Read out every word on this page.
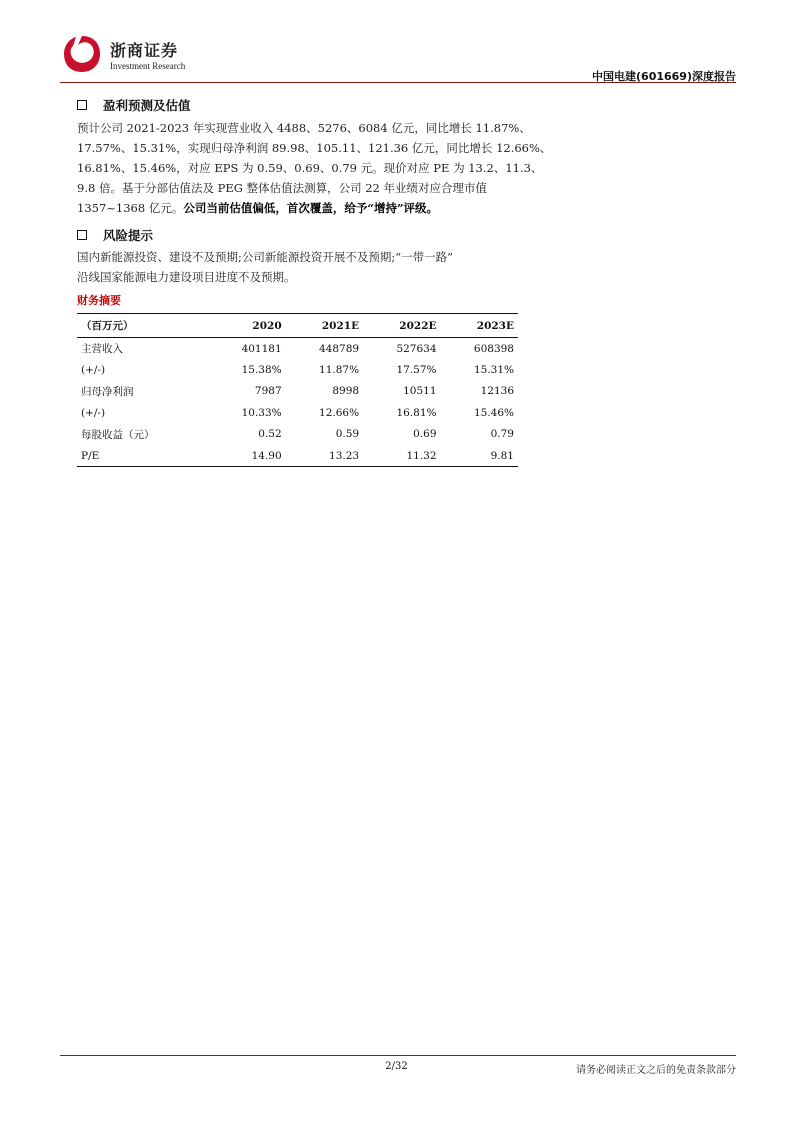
浙商证券
Investment Research
中国电建(601669)深度报告
盈利预测及估值
预计公司 2021-2023 年实现营业收入 4488、5276、6084 亿元，同比增长 11.87%、
17.57%、15.31%，实现归母净利润 89.98、105.11、121.36 亿元，同比增长 12.66%、
16.81%、15.46%，对应 EPS 为 0.59、0.69、0.79 元。现价对应 PE 为 13.2、11.3、
9.8 倍。基于分部估值法及 PEG 整体估值法测算，公司 22 年业绩对应合理市值
1357~1368 亿元。公司当前估值偏低，首次覆盖，给予“增持”评级。
风险提示
国内新能源投资、建设不及预期;公司新能源投资开展不及预期;“一带一路”
沿线国家能源电力建设项目进度不及预期。
财务摘要
（百万元）	2020	2021E	2022E	2023E
主营收入	401181	448789	527634	608398
(+/-)	15.38%	11.87%	17.57%	15.31%
归母净利润	7987	8998	10511	12136
(+/-)	10.33%	12.66%	16.81%	15.46%
每股收益（元）	0.52	0.59	0.69	0.79
P/E	14.90	13.23	11.32	9.81
2/32	请务必阅读正文之后的免责条款部分
